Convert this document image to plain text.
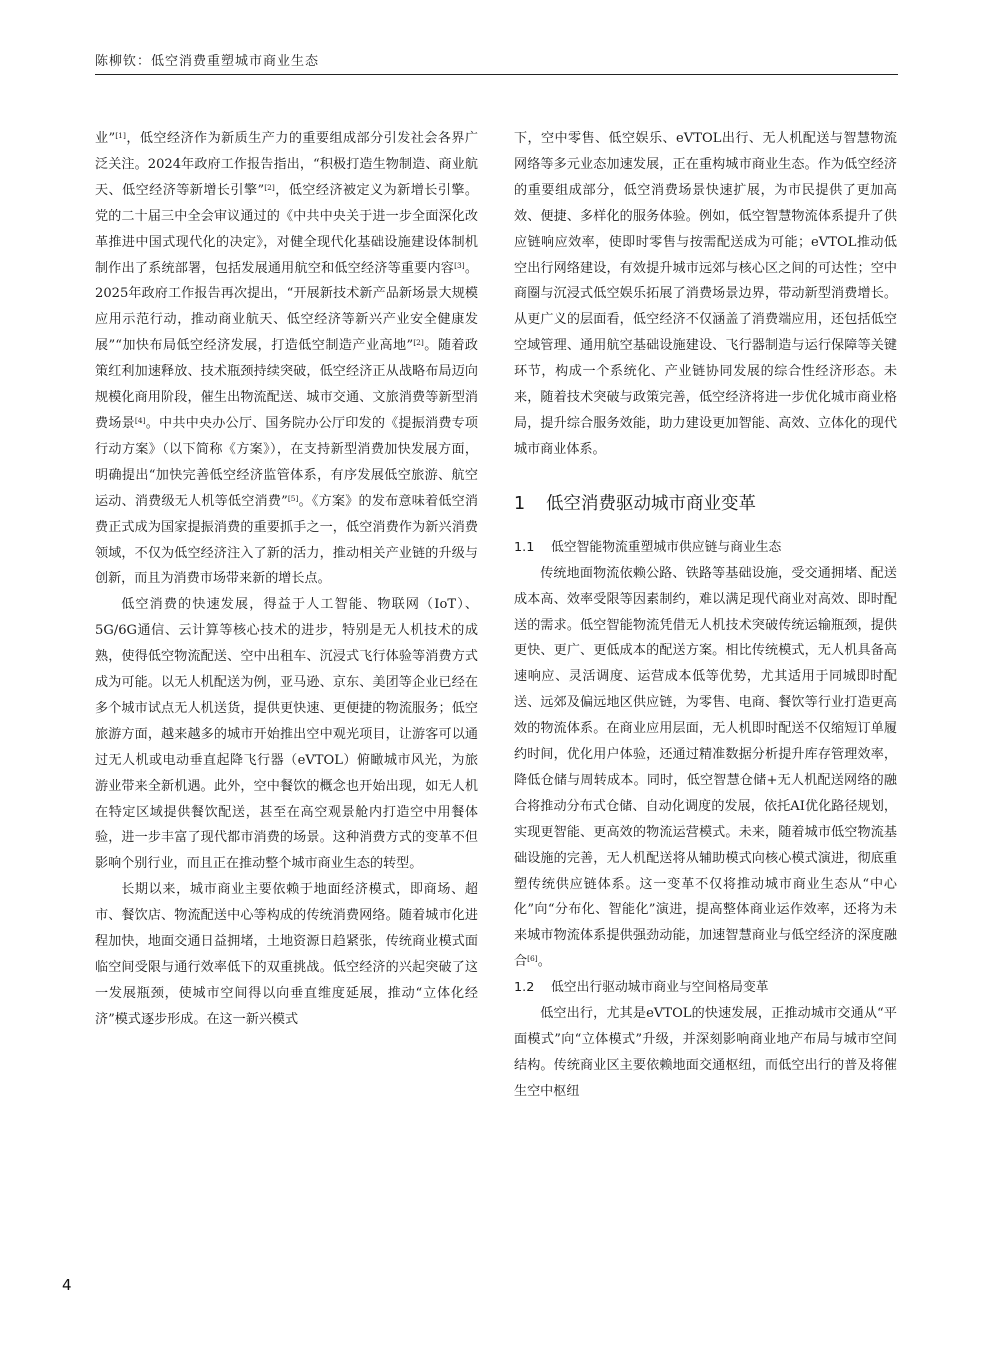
陈柳钦：低空消费重塑城市商业生态

业”[1]，低空经济作为新质生产力的重要组成部分引发社会各界广泛关注。2024年政府工作报告指出，“积极打造生物制造、商业航天、低空经济等新增长引擎”[2]，低空经济被定义为新增长引擎。党的二十届三中全会审议通过的《中共中央关于进一步全面深化改革推进中国式现代化的决定》，对健全现代化基础设施建设体制机制作出了系统部署，包括发展通用航空和低空经济等重要内容[3]。2025年政府工作报告再次提出，“开展新技术新产品新场景大规模应用示范行动，推动商业航天、低空经济等新兴产业安全健康发展”“加快布局低空经济发展，打造低空制造产业高地”[2]。随着政策红利加速释放、技术瓶颈持续突破，低空经济正从战略布局迈向规模化商用阶段，催生出物流配送、城市交通、文旅消费等新型消费场景[4]。中共中央办公厅、国务院办公厅印发的《提振消费专项行动方案》（以下简称《方案》），在支持新型消费加快发展方面，明确提出“加快完善低空经济监管体系，有序发展低空旅游、航空运动、消费级无人机等低空消费”[5]。《方案》的发布意味着低空消费正式成为国家提振消费的重要抓手之一，低空消费作为新兴消费领域，不仅为低空经济注入了新的活力，推动相关产业链的升级与创新，而且为消费市场带来新的增长点。

低空消费的快速发展，得益于人工智能、物联网（IoT）、5G/6G通信、云计算等核心技术的进步，特别是无人机技术的成熟，使得低空物流配送、空中出租车、沉浸式飞行体验等消费方式成为可能。以无人机配送为例，亚马逊、京东、美团等企业已经在多个城市试点无人机送货，提供更快速、更便捷的物流服务；低空旅游方面，越来越多的城市开始推出空中观光项目，让游客可以通过无人机或电动垂直起降飞行器（eVTOL）俯瞰城市风光，为旅游业带来全新机遇。此外，空中餐饮的概念也开始出现，如无人机在特定区域提供餐饮配送，甚至在高空观景舱内打造空中用餐体验，进一步丰富了现代都市消费的场景。这种消费方式的变革不但影响个别行业，而且正在推动整个城市商业生态的转型。

长期以来，城市商业主要依赖于地面经济模式，即商场、超市、餐饮店、物流配送中心等构成的传统消费网络。随着城市化进程加快，地面交通日益拥堵，土地资源日趋紧张，传统商业模式面临空间受限与通行效率低下的双重挑战。低空经济的兴起突破了这一发展瓶颈，使城市空间得以向垂直维度延展，推动“立体化经济”模式逐步形成。在这一新兴模式

下，空中零售、低空娱乐、eVTOL出行、无人机配送与智慧物流网络等多元业态加速发展，正在重构城市商业生态。作为低空经济的重要组成部分，低空消费场景快速扩展，为市民提供了更加高效、便捷、多样化的服务体验。例如，低空智慧物流体系提升了供应链响应效率，使即时零售与按需配送成为可能；eVTOL推动低空出行网络建设，有效提升城市远郊与核心区之间的可达性；空中商圈与沉浸式低空娱乐拓展了消费场景边界，带动新型消费增长。从更广义的层面看，低空经济不仅涵盖了消费端应用，还包括低空空域管理、通用航空基础设施建设、飞行器制造与运行保障等关键环节，构成一个系统化、产业链协同发展的综合性经济形态。未来，随着技术突破与政策完善，低空经济将进一步优化城市商业格局，提升综合服务效能，助力建设更加智能、高效、立体化的现代城市商业体系。

1 低空消费驱动城市商业变革
1.1 低空智能物流重塑城市供应链与商业生态

传统地面物流依赖公路、铁路等基础设施，受交通拥堵、配送成本高、效率受限等因素制约，难以满足现代商业对高效、即时配送的需求。低空智能物流凭借无人机技术突破传统运输瓶颈，提供更快、更广、更低成本的配送方案。相比传统模式，无人机具备高速响应、灵活调度、运营成本低等优势，尤其适用于同城即时配送、远郊及偏远地区供应链，为零售、电商、餐饮等行业打造更高效的物流体系。在商业应用层面，无人机即时配送不仅缩短订单履约时间，优化用户体验，还通过精准数据分析提升库存管理效率，降低仓储与周转成本。同时，低空智慧仓储+无人机配送网络的融合将推动分布式仓储、自动化调度的发展，依托AI优化路径规划，实现更智能、更高效的物流运营模式。未来，随着城市低空物流基础设施的完善，无人机配送将从辅助模式向核心模式演进，彻底重塑传统供应链体系。这一变革不仅将推动城市商业生态从“中心化”向“分布化、智能化”演进，提高整体商业运作效率，还将为未来城市物流体系提供强劲动能，加速智慧商业与低空经济的深度融合[6]。

1.2 低空出行驱动城市商业与空间格局变革

低空出行，尤其是eVTOL的快速发展，正推动城市交通从“平面模式”向“立体模式”升级，并深刻影响商业地产布局与城市空间结构。传统商业区主要依赖地面交通枢纽，而低空出行的普及将催生空中枢纽

4
